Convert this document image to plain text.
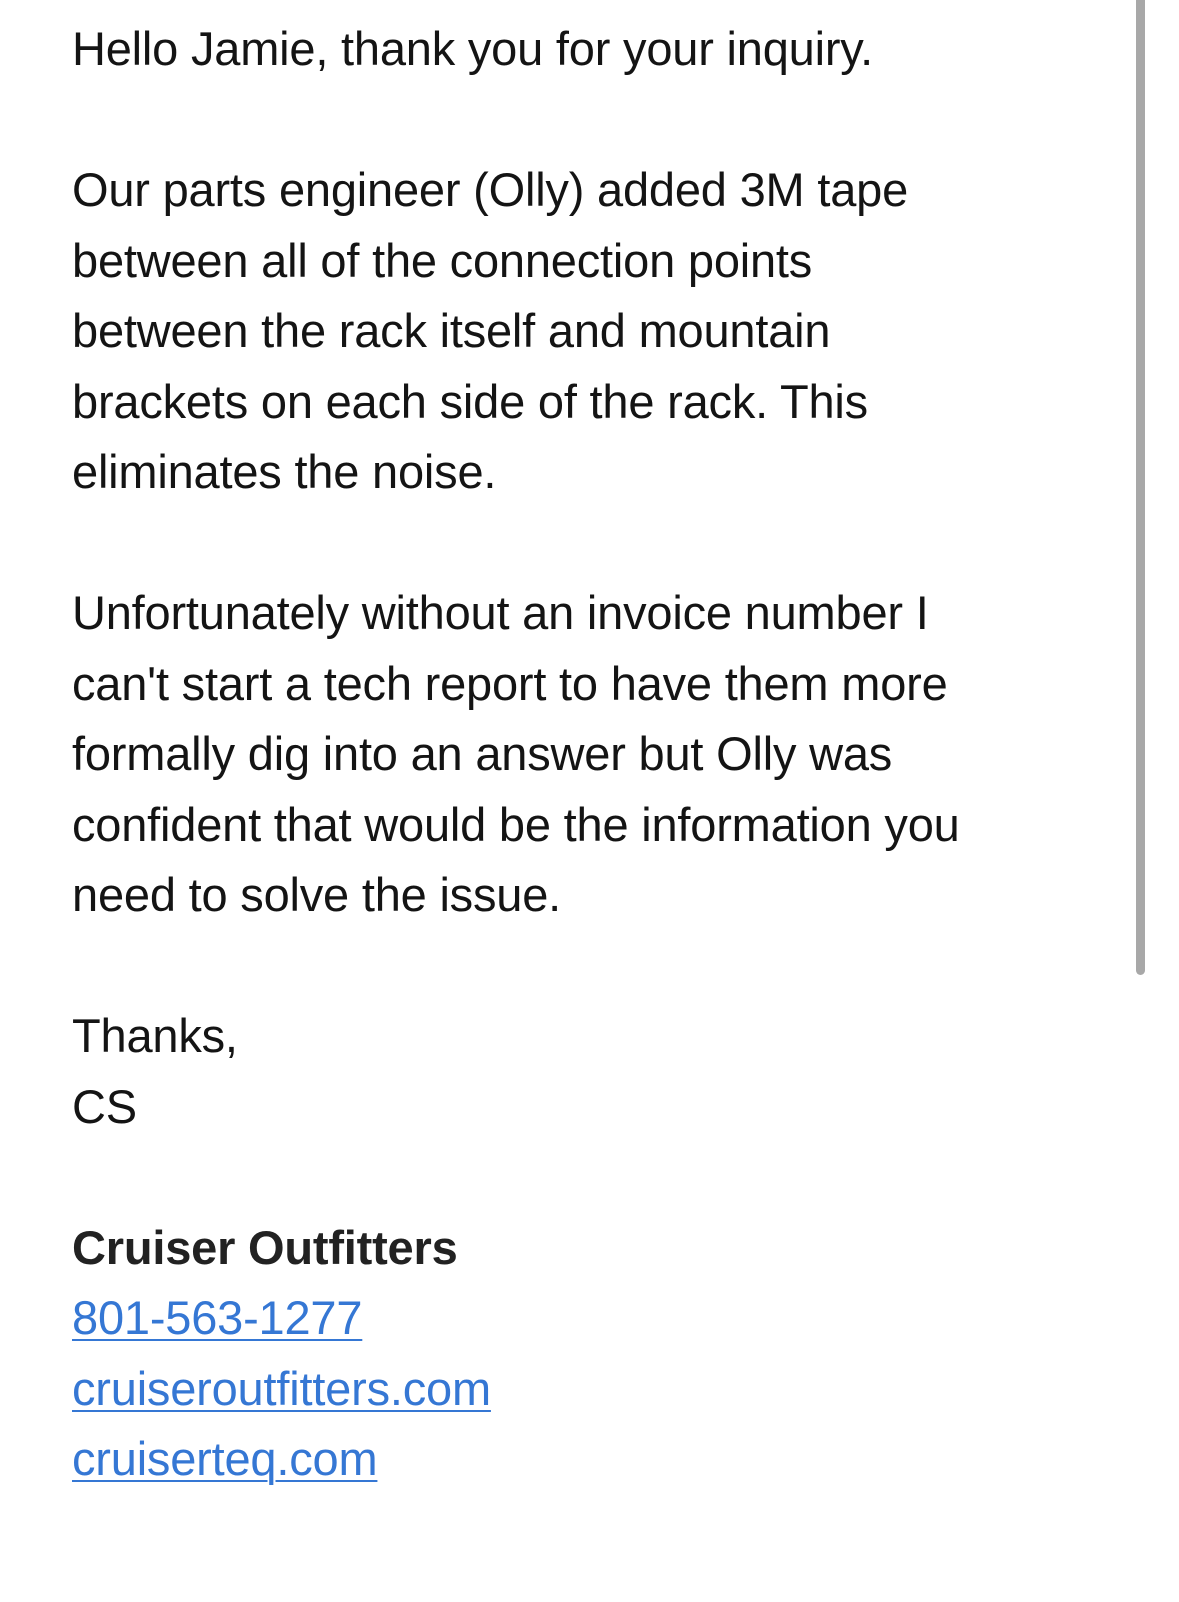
Hello Jamie, thank you for your inquiry.

Our parts engineer (Olly) added 3M tape
between all of the connection points
between the rack itself and mountain
brackets on each side of the rack. This
eliminates the noise.

Unfortunately without an invoice number I
can't start a tech report to have them more
formally dig into an answer but Olly was
confident that would be the information you
need to solve the issue.

Thanks,
CS

Cruiser Outfitters
801-563-1277
cruiseroutfitters.com
cruiserteq.com
